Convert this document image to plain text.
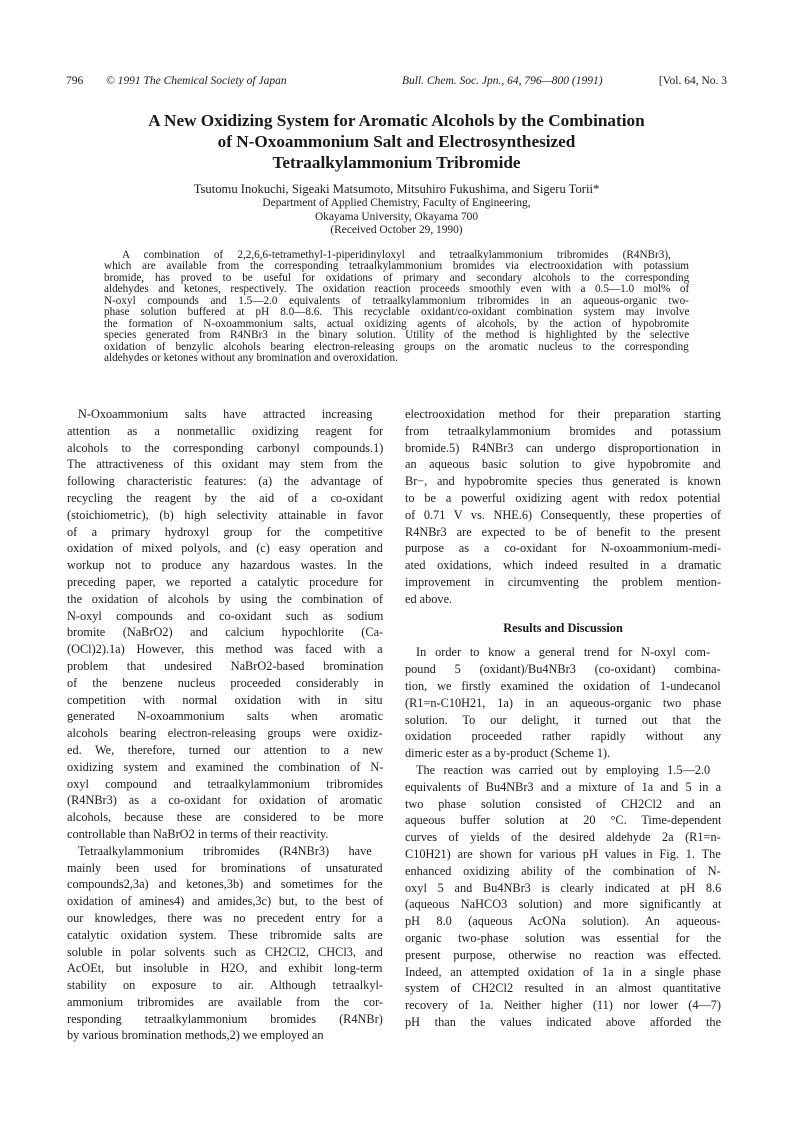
796 © 1991 The Chemical Society of Japan	Bull. Chem. Soc. Jpn., 64, 796—800 (1991)	[Vol. 64, No. 3
A New Oxidizing System for Aromatic Alcohols by the Combination
of N-Oxoammonium Salt and Electrosynthesized
Tetraalkylammonium Tribromide
Tsutomu Inokuchi, Sigeaki Matsumoto, Mitsuhiro Fukushima, and Sigeru Torii*
Department of Applied Chemistry, Faculty of Engineering,
Okayama University, Okayama 700
(Received October 29, 1990)
A combination of 2,2,6,6-tetramethyl-1-piperidinyloxyl and tetraalkylammonium tribromides (R4NBr3),
which are available from the corresponding tetraalkylammonium bromides via electrooxidation with potassium
bromide, has proved to be useful for oxidations of primary and secondary alcohols to the corresponding
aldehydes and ketones, respectively. The oxidation reaction proceeds smoothly even with a 0.5—1.0 mol% of
N-oxyl compounds and 1.5—2.0 equivalents of tetraalkylammonium tribromides in an aqueous-organic two-
phase solution buffered at pH 8.0—8.6. This recyclable oxidant/co-oxidant combination system may involve
the formation of N-oxoammonium salts, actual oxidizing agents of alcohols, by the action of hypobromite
species generated from R4NBr3 in the binary solution. Utility of the method is highlighted by the selective
oxidation of benzylic alcohols bearing electron-releasing groups on the aromatic nucleus to the corresponding
aldehydes or ketones without any bromination and overoxidation.
N-Oxoammonium salts have attracted increasing
attention as a nonmetallic oxidizing reagent for
alcohols to the corresponding carbonyl compounds.1)
The attractiveness of this oxidant may stem from the
following characteristic features: (a) the advantage of
recycling the reagent by the aid of a co-oxidant
(stoichiometric), (b) high selectivity attainable in favor
of a primary hydroxyl group for the competitive
oxidation of mixed polyols, and (c) easy operation and
workup not to produce any hazardous wastes. In the
preceding paper, we reported a catalytic procedure for
the oxidation of alcohols by using the combination of
N-oxyl compounds and co-oxidant such as sodium
bromite (NaBrO2) and calcium hypochlorite (Ca-
(OCl)2).1a) However, this method was faced with a
problem that undesired NaBrO2-based bromination
of the benzene nucleus proceeded considerably in
competition with normal oxidation with in situ
generated N-oxoammonium salts when aromatic
alcohols bearing electron-releasing groups were oxidiz-
ed. We, therefore, turned our attention to a new
oxidizing system and examined the combination of N-
oxyl compound and tetraalkylammonium tribromides
(R4NBr3) as a co-oxidant for oxidation of aromatic
alcohols, because these are considered to be more
controllable than NaBrO2 in terms of their reactivity.
Tetraalkylammonium tribromides (R4NBr3) have
mainly been used for brominations of unsaturated
compounds2,3a) and ketones,3b) and sometimes for the
oxidation of amines4) and amides,3c) but, to the best of
our knowledges, there was no precedent entry for a
catalytic oxidation system. These tribromide salts are
soluble in polar solvents such as CH2Cl2, CHCl3, and
AcOEt, but insoluble in H2O, and exhibit long-term
stability on exposure to air. Although tetraalkyl-
ammonium tribromides are available from the cor-
responding tetraalkylammonium bromides (R4NBr)
by various bromination methods,2) we employed an
electrooxidation method for their preparation starting
from tetraalkylammonium bromides and potassium
bromide.5) R4NBr3 can undergo disproportionation in
an aqueous basic solution to give hypobromite and
Br−, and hypobromite species thus generated is known
to be a powerful oxidizing agent with redox potential
of 0.71 V vs. NHE.6) Consequently, these properties of
R4NBr3 are expected to be of benefit to the present
purpose as a co-oxidant for N-oxoammonium-medi-
ated oxidations, which indeed resulted in a dramatic
improvement in circumventing the problem mention-
ed above.
Results and Discussion
In order to know a general trend for N-oxyl com-
pound 5 (oxidant)/Bu4NBr3 (co-oxidant) combina-
tion, we firstly examined the oxidation of 1-undecanol
(R1=n-C10H21, 1a) in an aqueous-organic two phase
solution. To our delight, it turned out that the
oxidation proceeded rather rapidly without any
dimeric ester as a by-product (Scheme 1).
The reaction was carried out by employing 1.5—2.0
equivalents of Bu4NBr3 and a mixture of 1a and 5 in a
two phase solution consisted of CH2Cl2 and an
aqueous buffer solution at 20 °C. Time-dependent
curves of yields of the desired aldehyde 2a (R1=n-
C10H21) are shown for various pH values in Fig. 1. The
enhanced oxidizing ability of the combination of N-
oxyl 5 and Bu4NBr3 is clearly indicated at pH 8.6
(aqueous NaHCO3 solution) and more significantly at
pH 8.0 (aqueous AcONa solution). An aqueous-
organic two-phase solution was essential for the
present purpose, otherwise no reaction was effected.
Indeed, an attempted oxidation of 1a in a single phase
system of CH2Cl2 resulted in an almost quantitative
recovery of 1a. Neither higher (11) nor lower (4—7)
pH than the values indicated above afforded the
